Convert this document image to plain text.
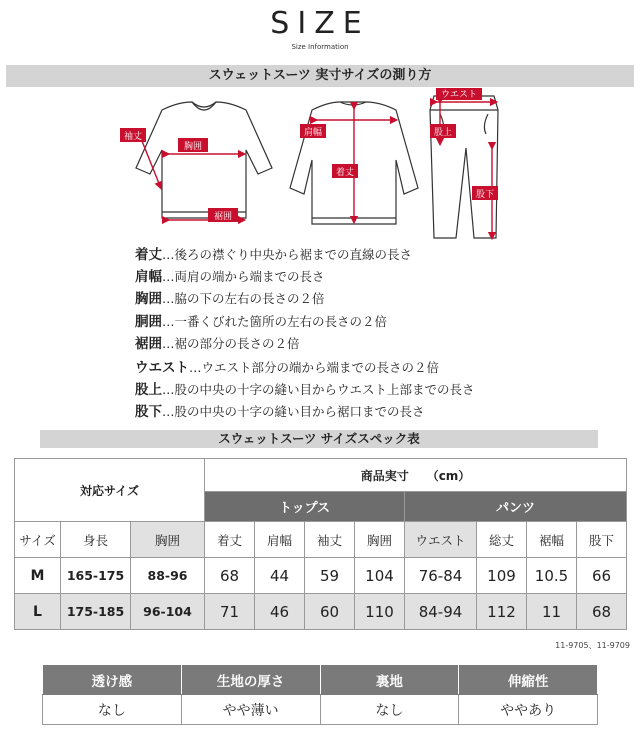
SIZE
Size Information
スウェットスーツ 実寸サイズの測り方
袖丈
胸囲
裾囲
肩幅
着丈
ウエスト
股上
股下
着丈…後ろの襟ぐり中央から裾までの直線の長さ
肩幅…両肩の端から端までの長さ
胸囲…脇の下の左右の長さの２倍
胴囲…一番くびれた箇所の左右の長さの２倍
裾囲…裾の部分の長さの２倍
ウエスト…ウエスト部分の端から端までの長さの２倍
股上…股の中央の十字の縫い目からウエスト上部までの長さ
股下…股の中央の十字の縫い目から裾口までの長さ
スウェットスーツ サイズスペック表
対応サイズ			商品実寸　　（cm）							
			トップス				パンツ			
サイズ	身長	胸囲	着丈	肩幅	袖丈	胸囲	ウエスト	総丈	裾幅	股下
M	165-175	88-96	68	44	59	104	76-84	109	10.5	66
L	175-185	96-104	71	46	60	110	84-94	112	11	68
11-9705、11-9709
透け感	生地の厚さ	裏地	伸縮性
なし	やや薄い	なし	ややあり
